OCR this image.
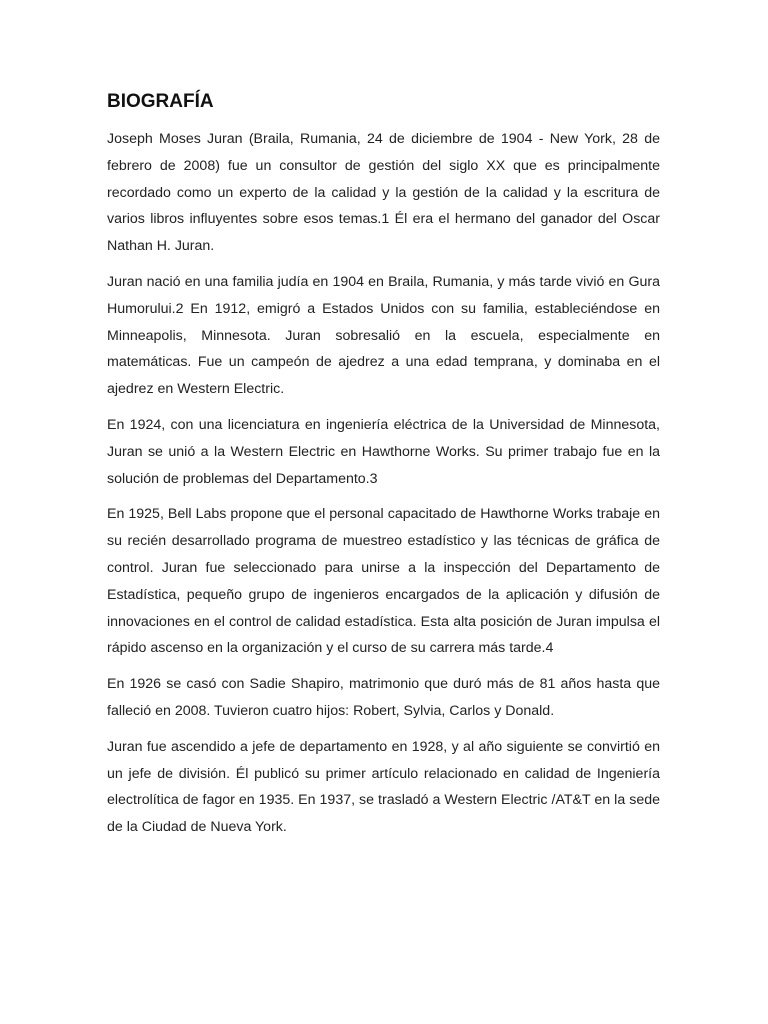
BIOGRAFÍA

Joseph Moses Juran (Braila, Rumania, 24 de diciembre de 1904 - New York, 28 de febrero de 2008) fue un consultor de gestión del siglo XX que es principalmente recordado como un experto de la calidad y la gestión de la calidad y la escritura de varios libros influyentes sobre esos temas.1 Él era el hermano del ganador del Oscar Nathan H. Juran.

Juran nació en una familia judía en 1904 en Braila, Rumania, y más tarde vivió en Gura Humorului.2 En 1912, emigró a Estados Unidos con su familia, estableciéndose en Minneapolis, Minnesota. Juran sobresalió en la escuela, especialmente en matemáticas. Fue un campeón de ajedrez a una edad temprana, y dominaba en el ajedrez en Western Electric.

En 1924, con una licenciatura en ingeniería eléctrica de la Universidad de Minnesota, Juran se unió a la Western Electric en Hawthorne Works. Su primer trabajo fue en la solución de problemas del Departamento.3

En 1925, Bell Labs propone que el personal capacitado de Hawthorne Works trabaje en su recién desarrollado programa de muestreo estadístico y las técnicas de gráfica de control. Juran fue seleccionado para unirse a la inspección del Departamento de Estadística, pequeño grupo de ingenieros encargados de la aplicación y difusión de innovaciones en el control de calidad estadística. Esta alta posición de Juran impulsa el rápido ascenso en la organización y el curso de su carrera más tarde.4

En 1926 se casó con Sadie Shapiro, matrimonio que duró más de 81 años hasta que falleció en 2008. Tuvieron cuatro hijos: Robert, Sylvia, Carlos y Donald.

Juran fue ascendido a jefe de departamento en 1928, y al año siguiente se convirtió en un jefe de división. Él publicó su primer artículo relacionado en calidad de Ingeniería electrolítica de fagor en 1935. En 1937, se trasladó a Western Electric /AT&T en la sede de la Ciudad de Nueva York.
